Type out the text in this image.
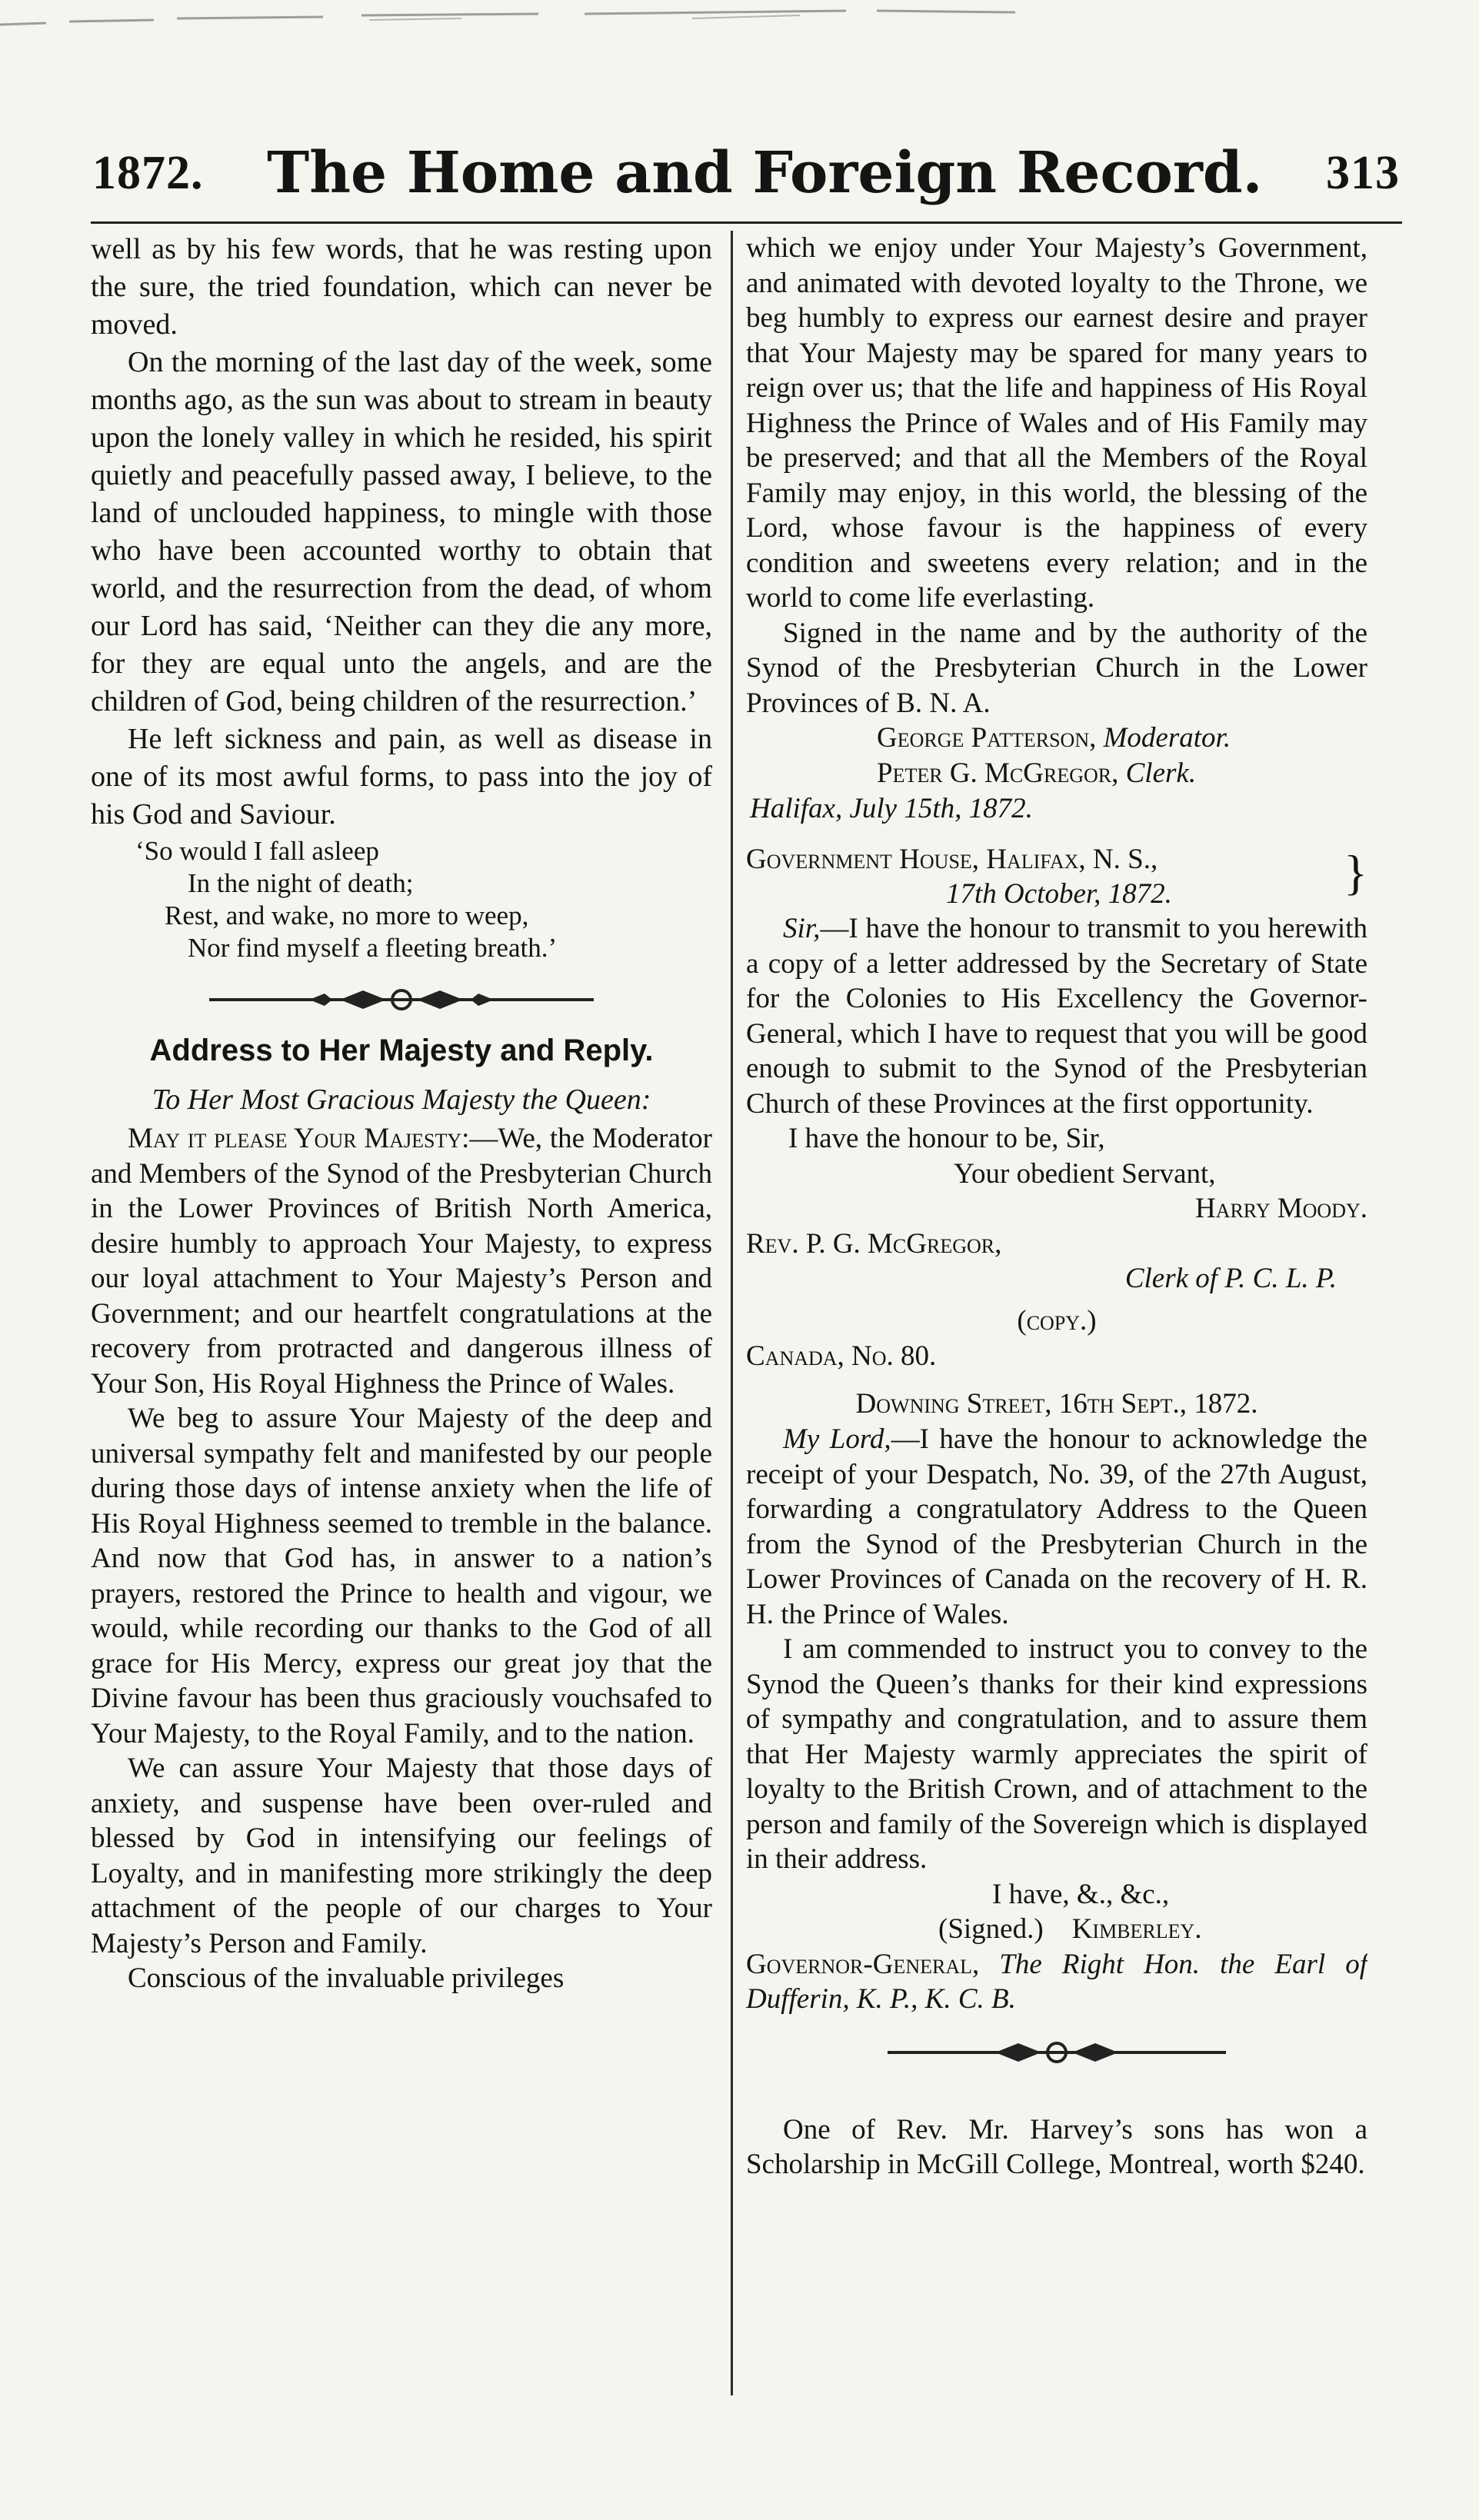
1872. The Home and Foreign Record. 313

well as by his few words, that he was resting upon the sure, the tried foundation, which can never be moved.

On the morning of the last day of the week, some months ago, as the sun was about to stream in beauty upon the lonely valley in which he resided, his spirit quietly and peacefully passed away, I believe, to the land of unclouded happiness, to mingle with those who have been accounted worthy to obtain that world, and the resurrection from the dead, of whom our Lord has said, ‘Neither can they die any more, for they are equal unto the angels, and are the children of God, being children of the resurrection.’

He left sickness and pain, as well as disease in one of its most awful forms, to pass into the joy of his God and Saviour.

‘So would I fall asleep
In the night of death;
Rest, and wake, no more to weep,
Nor find myself a fleeting breath.’
Address to Her Majesty and Reply.
To Her Most Gracious Majesty the Queen:

May it please Your Majesty:—We, the Moderator and Members of the Synod of the Presbyterian Church in the Lower Provinces of British North America, desire humbly to approach Your Majesty, to express our loyal attachment to Your Majesty’s Person and Government; and our heartfelt congratulations at the recovery from protracted and dangerous illness of Your Son, His Royal Highness the Prince of Wales.

We beg to assure Your Majesty of the deep and universal sympathy felt and manifested by our people during those days of intense anxiety when the life of His Royal Highness seemed to tremble in the balance. And now that God has, in answer to a nation’s prayers, restored the Prince to health and vigour, we would, while recording our thanks to the God of all grace for His Mercy, express our great joy that the Divine favour has been thus graciously vouchsafed to Your Majesty, to the Royal Family, and to the nation.

We can assure Your Majesty that those days of anxiety, and suspense have been over-ruled and blessed by God in intensifying our feelings of Loyalty, and in manifesting more strikingly the deep attachment of the people of our charges to Your Majesty’s Person and Family.

Conscious of the invaluable privileges

which we enjoy under Your Majesty’s Government, and animated with devoted loyalty to the Throne, we beg humbly to express our earnest desire and prayer that Your Majesty may be spared for many years to reign over us; that the life and happiness of His Royal Highness the Prince of Wales and of His Family may be preserved; and that all the Members of the Royal Family may enjoy, in this world, the blessing of the Lord, whose favour is the happiness of every condition and sweetens every relation; and in the world to come life everlasting.

Signed in the name and by the authority of the Synod of the Presbyterian Church in the Lower Provinces of B. N. A.

George Patterson, Moderator.
Peter G. McGregor, Clerk.
Halifax, July 15th, 1872.
Government House, Halifax, N. S.,
17th October, 1872.	}

Sir,—I have the honour to transmit to you herewith a copy of a letter addressed by the Secretary of State for the Colonies to His Excellency the Governor-General, which I have to request that you will be good enough to submit to the Synod of the Presbyterian Church of these Provinces at the first opportunity.

I have the honour to be, Sir,
Your obedient Servant,
Harry Moody.
Rev. P. G. McGregor,
Clerk of P. C. L. P.
(copy.)
Canada, No. 80.
Downing Street, 16th Sept., 1872.

My Lord,—I have the honour to acknowledge the receipt of your Despatch, No. 39, of the 27th August, forwarding a congratulatory Address to the Queen from the Synod of the Presbyterian Church in the Lower Provinces of Canada on the recovery of H. R. H. the Prince of Wales.

I am commended to instruct you to convey to the Synod the Queen’s thanks for their kind expressions of sympathy and congratulation, and to assure them that Her Majesty warmly appreciates the spirit of loyalty to the British Crown, and of attachment to the person and family of the Sovereign which is displayed in their address.

I have, &., &c.,
(Signed.) Kimberley.

Governor-General, The Right Hon. the Earl of Dufferin, K. P., K. C. B.

One of Rev. Mr. Harvey’s sons has won a Scholarship in McGill College, Montreal, worth $240.
